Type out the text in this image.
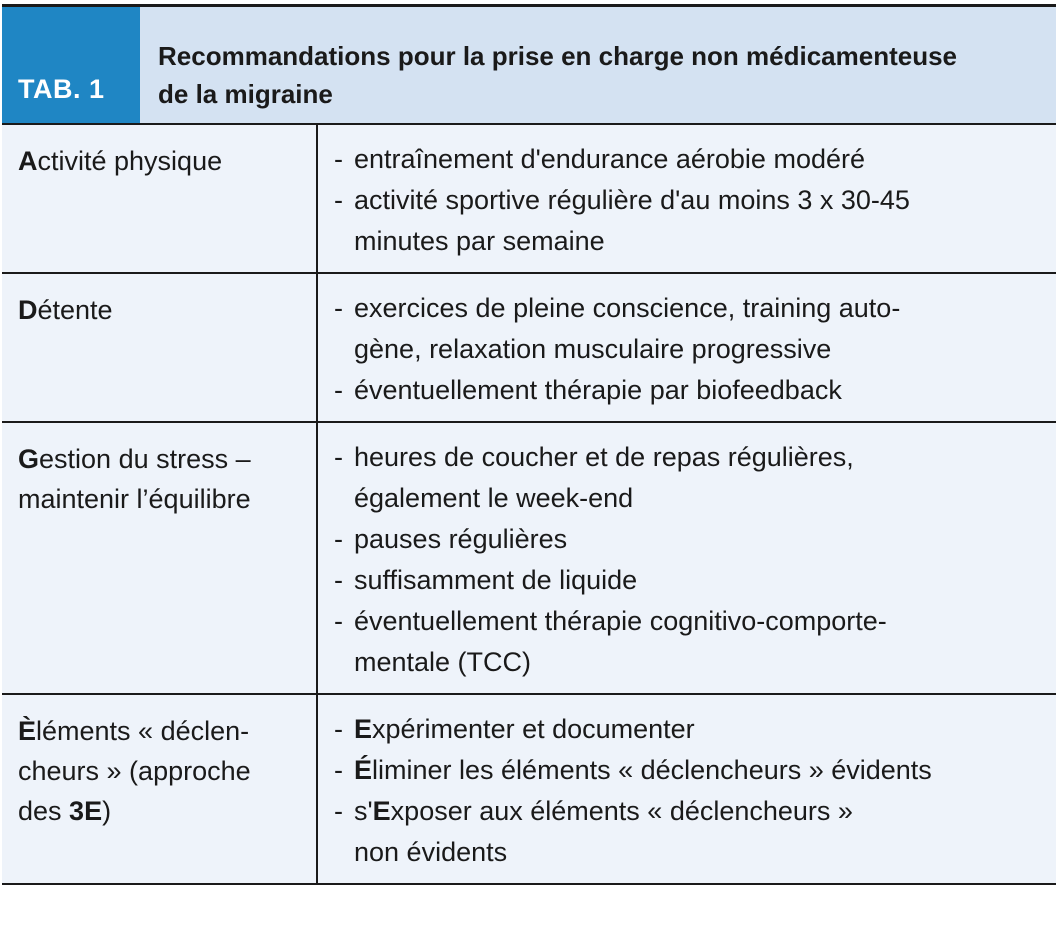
TAB. 1
Recommandations pour la prise en charge non médicamenteuse
de la migraine
Activité physique	- entraînement d'endurance aérobie modéré
- activité sportive régulière d'au moins 3 x 30-45
minutes par semaine
Détente	- exercices de pleine conscience, training auto-
gène, relaxation musculaire progressive
- éventuellement thérapie par biofeedback
Gestion du stress –
maintenir l’équilibre
- heures de coucher et de repas régulières,
également le week-end
- pauses régulières
- suffisamment de liquide
- éventuellement thérapie cognitivo-comporte-
mentale (TCC)
Èléments « déclen-
cheurs » (approche
des 3E)
- Expérimenter et documenter
- Éliminer les éléments « déclencheurs » évidents
- s'Exposer aux éléments « déclencheurs »
non évidents
